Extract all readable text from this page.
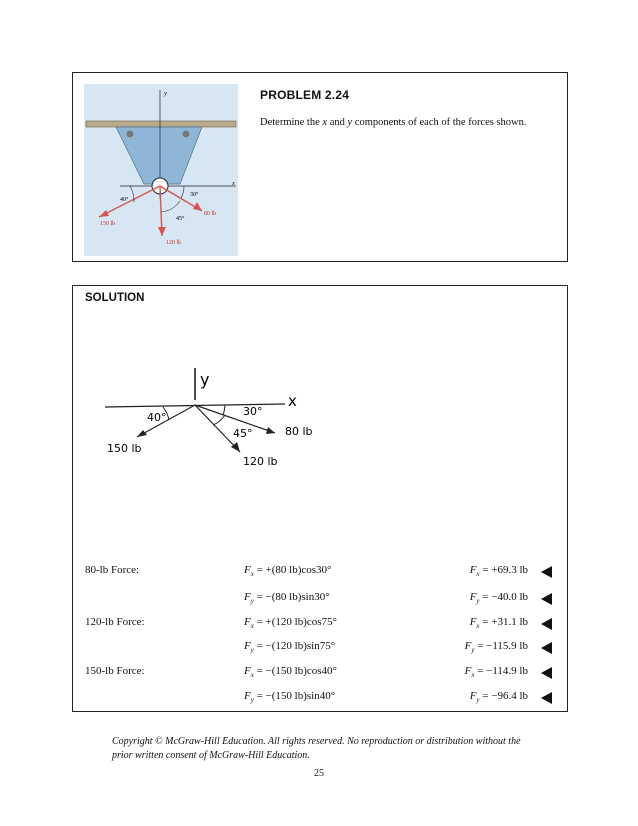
y
x
40°
30°
45°
80 lb
150 lb
120 lb
PROBLEM 2.24
Determine the x and y components of each of the forces shown.
SOLUTION
y
x
40°	30°
45°	80 lb
150 lb
120 lb
80-lb Force:	$F_x = +(80$ lb)cos30°	$F_x = +69.3$ lb
$F_y = -(80$ lb)sin30°	$F_y = -40.0$ lb
120-lb Force:	$F_x = +(120$ lb)cos75°	$F_x = +31.1$ lb
$F_y = -(120$ lb)sin75°	$F_y = -115.9$ lb
150-lb Force:	$F_x = -(150$ lb)cos40°	$F_x = -114.9$ lb
$F_y = -(150$ lb)sin40°	$F_y = -96.4$ lb
Copyright © McGraw-Hill Education. All rights reserved. No reproduction or distribution without the prior written consent of McGraw-Hill Education.
25
